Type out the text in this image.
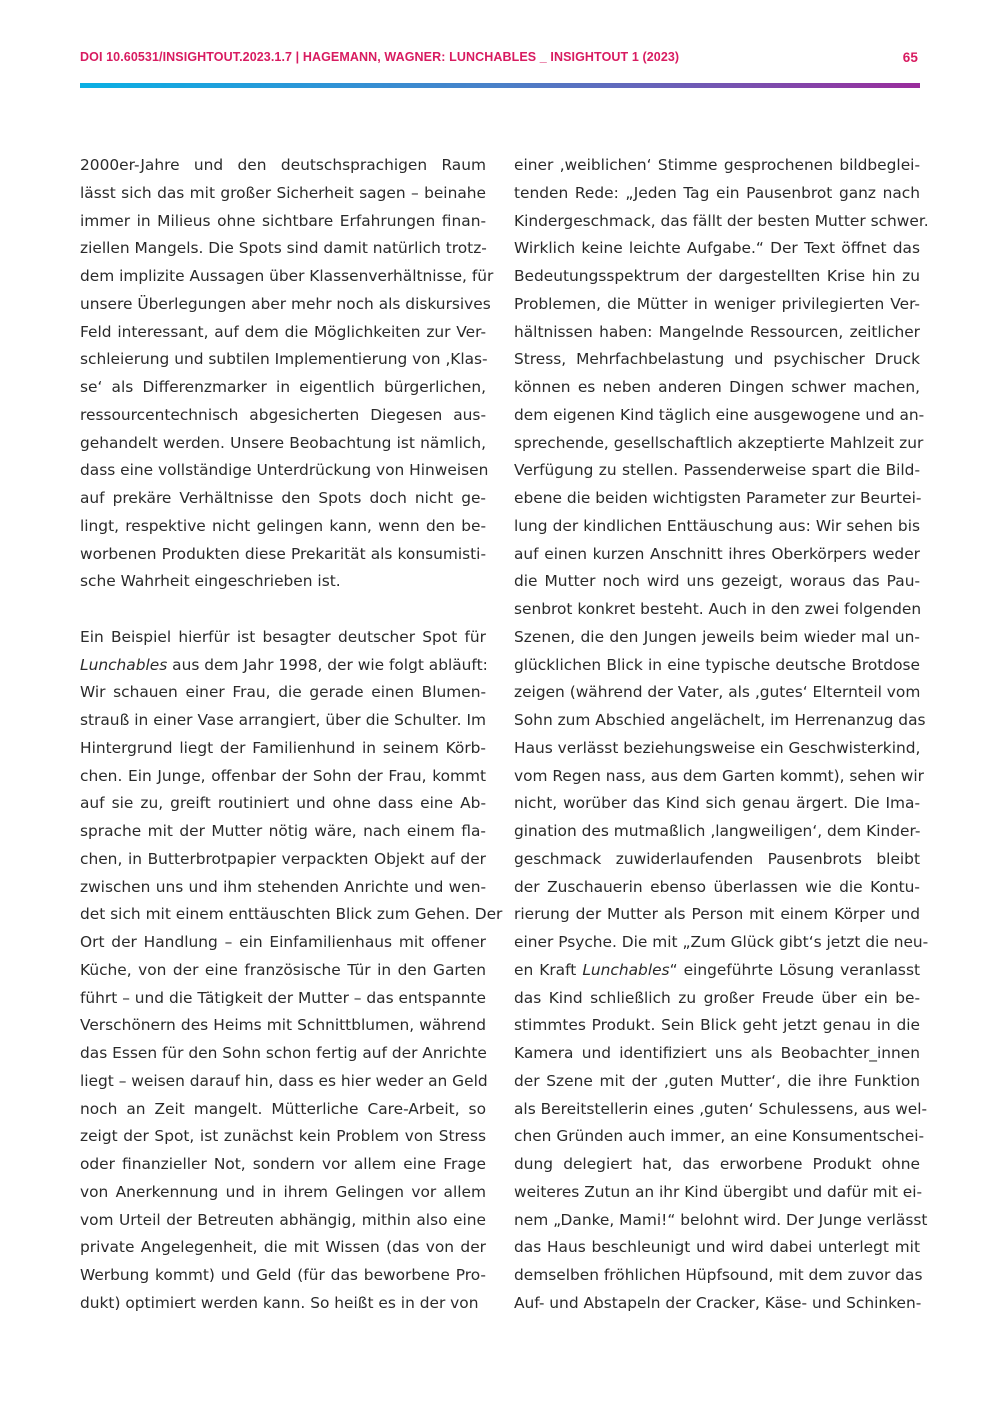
DOI 10.60531/INSIGHTOUT.2023.1.7 | HAGEMANN, WAGNER: LUNCHABLES _ INSIGHTOUT 1 (2023)	65

2000er-Jahre und den deutschsprachigen Raum
lässt sich das mit großer Sicherheit sagen – beinahe
immer in Milieus ohne sichtbare Erfahrungen finan-
ziellen Mangels. Die Spots sind damit natürlich trotz-
dem implizite Aussagen über Klassenverhältnisse, für
unsere Überlegungen aber mehr noch als diskursives
Feld interessant, auf dem die Möglichkeiten zur Ver-
schleierung und subtilen Implementierung von ‚Klas-
se‘ als Differenzmarker in eigentlich bürgerlichen,
ressourcentechnisch abgesicherten Diegesen aus-
gehandelt werden. Unsere Beobachtung ist nämlich,
dass eine vollständige Unterdrückung von Hinweisen
auf prekäre Verhältnisse den Spots doch nicht ge-
lingt, respektive nicht gelingen kann, wenn den be-
worbenen Produkten diese Prekarität als konsumisti-
sche Wahrheit eingeschrieben ist.

Ein Beispiel hierfür ist besagter deutscher Spot für
Lunchables aus dem Jahr 1998, der wie folgt abläuft:
Wir schauen einer Frau, die gerade einen Blumen-
strauß in einer Vase arrangiert, über die Schulter. Im
Hintergrund liegt der Familienhund in seinem Körb-
chen. Ein Junge, offenbar der Sohn der Frau, kommt
auf sie zu, greift routiniert und ohne dass eine Ab-
sprache mit der Mutter nötig wäre, nach einem fla-
chen, in Butterbrotpapier verpackten Objekt auf der
zwischen uns und ihm stehenden Anrichte und wen-
det sich mit einem enttäuschten Blick zum Gehen. Der
Ort der Handlung – ein Einfamilienhaus mit offener
Küche, von der eine französische Tür in den Garten
führt – und die Tätigkeit der Mutter – das entspannte
Verschönern des Heims mit Schnittblumen, während
das Essen für den Sohn schon fertig auf der Anrichte
liegt – weisen darauf hin, dass es hier weder an Geld
noch an Zeit mangelt. Mütterliche Care-Arbeit, so
zeigt der Spot, ist zunächst kein Problem von Stress
oder finanzieller Not, sondern vor allem eine Frage
von Anerkennung und in ihrem Gelingen vor allem
vom Urteil der Betreuten abhängig, mithin also eine
private Angelegenheit, die mit Wissen (das von der
Werbung kommt) und Geld (für das beworbene Pro-
dukt) optimiert werden kann. So heißt es in der von

einer ‚weiblichen‘ Stimme gesprochenen bildbeglei-
tenden Rede: „Jeden Tag ein Pausenbrot ganz nach
Kindergeschmack, das fällt der besten Mutter schwer.
Wirklich keine leichte Aufgabe.“ Der Text öffnet das
Bedeutungsspektrum der dargestellten Krise hin zu
Problemen, die Mütter in weniger privilegierten Ver-
hältnissen haben: Mangelnde Ressourcen, zeitlicher
Stress, Mehrfachbelastung und psychischer Druck
können es neben anderen Dingen schwer machen,
dem eigenen Kind täglich eine ausgewogene und an-
sprechende, gesellschaftlich akzeptierte Mahlzeit zur
Verfügung zu stellen. Passenderweise spart die Bild-
ebene die beiden wichtigsten Parameter zur Beurtei-
lung der kindlichen Enttäuschung aus: Wir sehen bis
auf einen kurzen Anschnitt ihres Oberkörpers weder
die Mutter noch wird uns gezeigt, woraus das Pau-
senbrot konkret besteht. Auch in den zwei folgenden
Szenen, die den Jungen jeweils beim wieder mal un-
glücklichen Blick in eine typische deutsche Brotdose
zeigen (während der Vater, als ‚gutes‘ Elternteil vom
Sohn zum Abschied angelächelt, im Herrenanzug das
Haus verlässt beziehungsweise ein Geschwisterkind,
vom Regen nass, aus dem Garten kommt), sehen wir
nicht, worüber das Kind sich genau ärgert. Die Ima-
gination des mutmaßlich ‚langweiligen‘, dem Kinder-
geschmack zuwiderlaufenden Pausenbrots bleibt
der Zuschauerin ebenso überlassen wie die Kontu-
rierung der Mutter als Person mit einem Körper und
einer Psyche. Die mit „Zum Glück gibt‘s jetzt die neu-
en Kraft Lunchables“ eingeführte Lösung veranlasst
das Kind schließlich zu großer Freude über ein be-
stimmtes Produkt. Sein Blick geht jetzt genau in die
Kamera und identifiziert uns als Beobachter_innen
der Szene mit der ‚guten Mutter‘, die ihre Funktion
als Bereitstellerin eines ‚guten‘ Schulessens, aus wel-
chen Gründen auch immer, an eine Konsumentschei-
dung delegiert hat, das erworbene Produkt ohne
weiteres Zutun an ihr Kind übergibt und dafür mit ei-
nem „Danke, Mami!“ belohnt wird. Der Junge verlässt
das Haus beschleunigt und wird dabei unterlegt mit
demselben fröhlichen Hüpfsound, mit dem zuvor das
Auf- und Abstapeln der Cracker, Käse- und Schinken-
